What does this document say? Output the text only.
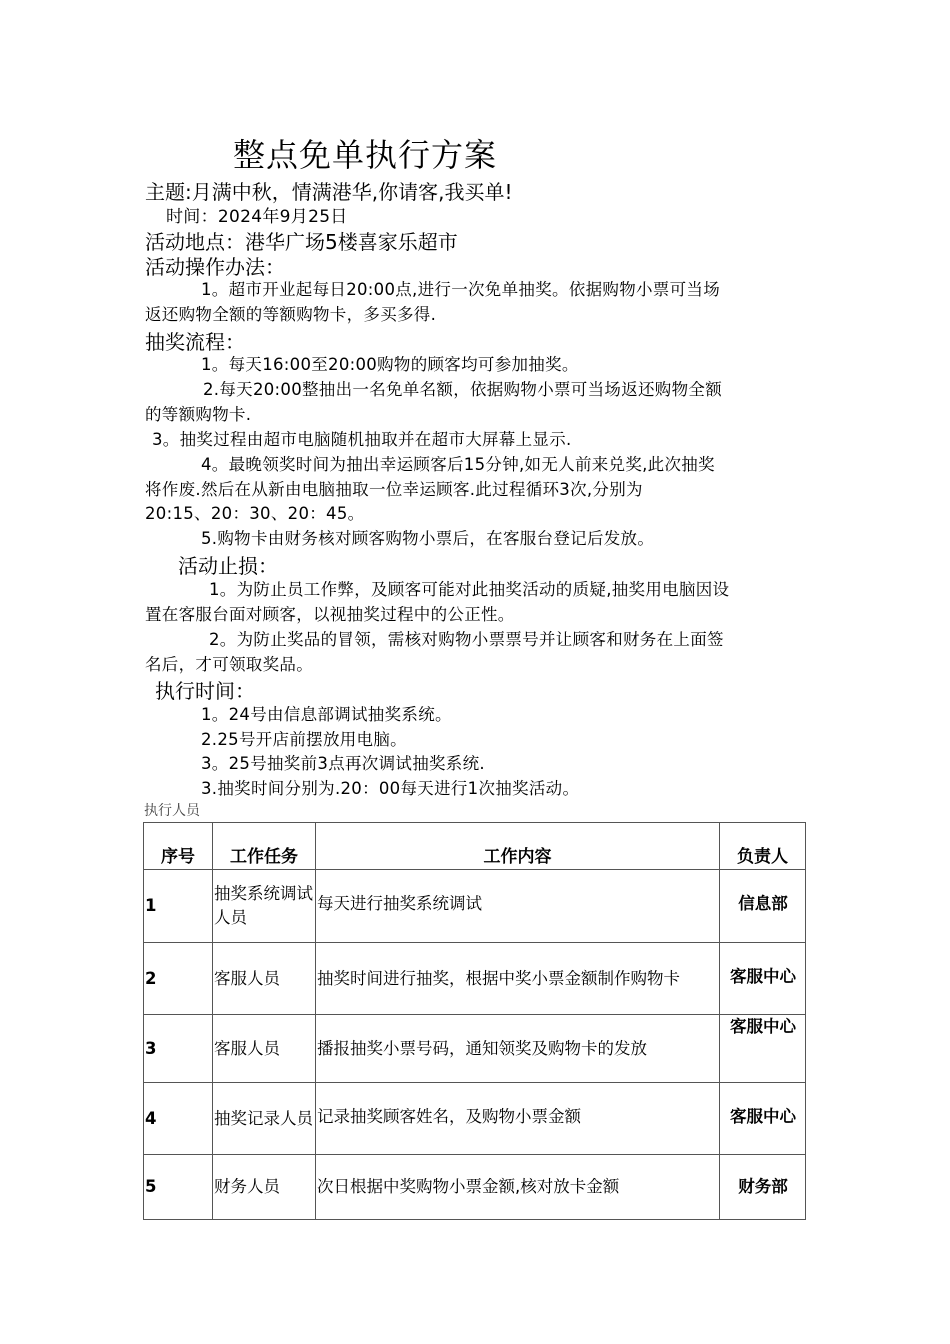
整点免单执行方案
主题:月满中秋，情满港华,你请客,我买单!
时间：2024年9月25日
活动地点：港华广场5楼喜家乐超市
活动操作办法：
1。超市开业起每日20:00点,进行一次免单抽奖。依据购物小票可当场
返还购物全额的等额购物卡，多买多得.
抽奖流程：
1。每天16:00至20:00购物的顾客均可参加抽奖。
2.每天20:00整抽出一名免单名额，依据购物小票可当场返还购物全额
的等额购物卡.
3。抽奖过程由超市电脑随机抽取并在超市大屏幕上显示.
4。最晚领奖时间为抽出幸运顾客后15分钟,如无人前来兑奖,此次抽奖
将作废.然后在从新由电脑抽取一位幸运顾客.此过程循环3次,分别为
20:15、20：30、20：45。
5.购物卡由财务核对顾客购物小票后，在客服台登记后发放。
活动止损：
1。为防止员工作弊，及顾客可能对此抽奖活动的质疑,抽奖用电脑因设
置在客服台面对顾客，以视抽奖过程中的公正性。
2。为防止奖品的冒领，需核对购物小票票号并让顾客和财务在上面签
名后，才可领取奖品。
执行时间：
1。24号由信息部调试抽奖系统。
2.25号开店前摆放用电脑。
3。25号抽奖前3点再次调试抽奖系统.
3.抽奖时间分别为.20：00每天进行1次抽奖活动。
执行人员
序号	工作任务	工作内容	负责人
1	抽奖系统调试人员	每天进行抽奖系统调试	信息部
2	客服人员	抽奖时间进行抽奖，根据中奖小票金额制作购物卡	客服中心
3	客服人员	播报抽奖小票号码，通知领奖及购物卡的发放	客服中心
4	抽奖记录人员	记录抽奖顾客姓名，及购物小票金额	客服中心
5	财务人员	次日根据中奖购物小票金额,核对放卡金额	财务部
